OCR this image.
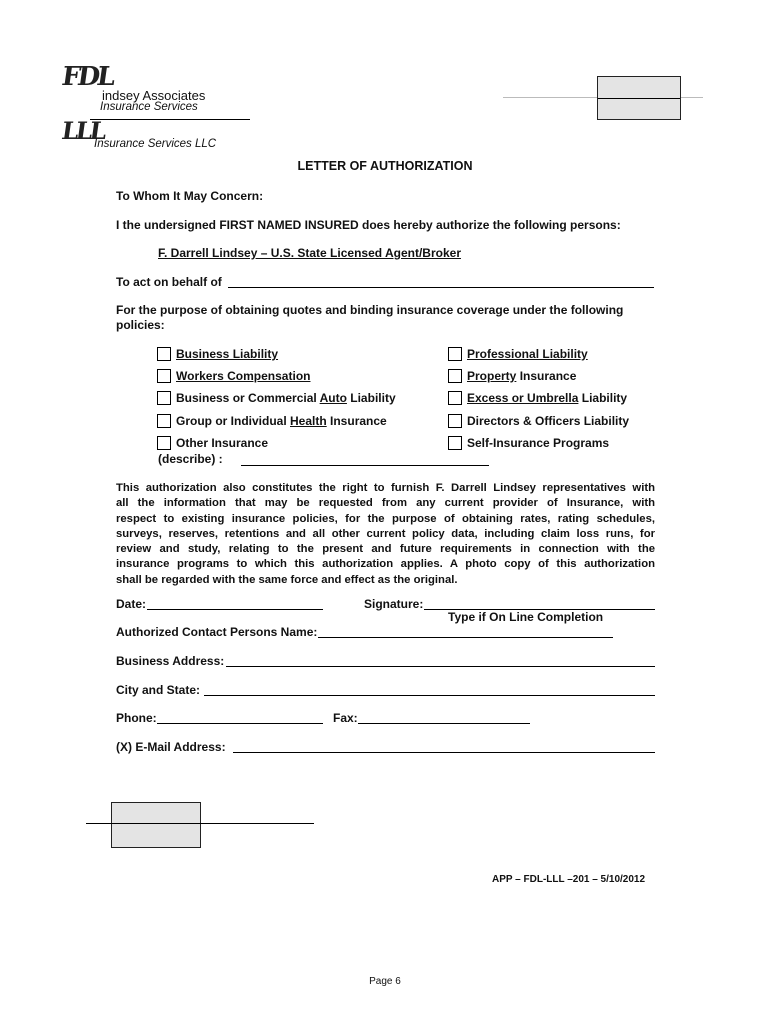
FDL
indsey Associates
Insurance Services
LLL
Insurance Services LLC
LETTER OF AUTHORIZATION
To Whom It May Concern:
I the undersigned FIRST NAMED INSURED does hereby authorize the following persons:
F. Darrell Lindsey – U.S. State Licensed Agent/Broker
To act on behalf of
For the purpose of obtaining quotes and binding insurance coverage under the following
policies:
Business Liability
Workers Compensation
Business or Commercial Auto Liability
Group or Individual Health Insurance
Other Insurance
(describe) :
Professional Liability
Property Insurance
Excess or Umbrella Liability
Directors & Officers Liability
Self-Insurance Programs
This authorization also constitutes the right to furnish F. Darrell Lindsey representatives with
all the information that may be requested from any current provider of Insurance, with
respect to existing insurance policies, for the purpose of obtaining rates, rating schedules,
surveys, reserves, retentions and all other current policy data, including claim loss runs, for
review and study, relating to the present and future requirements in connection with the
insurance programs to which this authorization applies. A photo copy of this authorization
shall be regarded with the same force and effect as the original.
Date:	Signature:
Type if On Line Completion
Authorized Contact Persons Name:
Business Address:
City and State:
Phone:	Fax:
(X) E-Mail Address:
APP – FDL-LLL –201 – 5/10/2012
Page 6
